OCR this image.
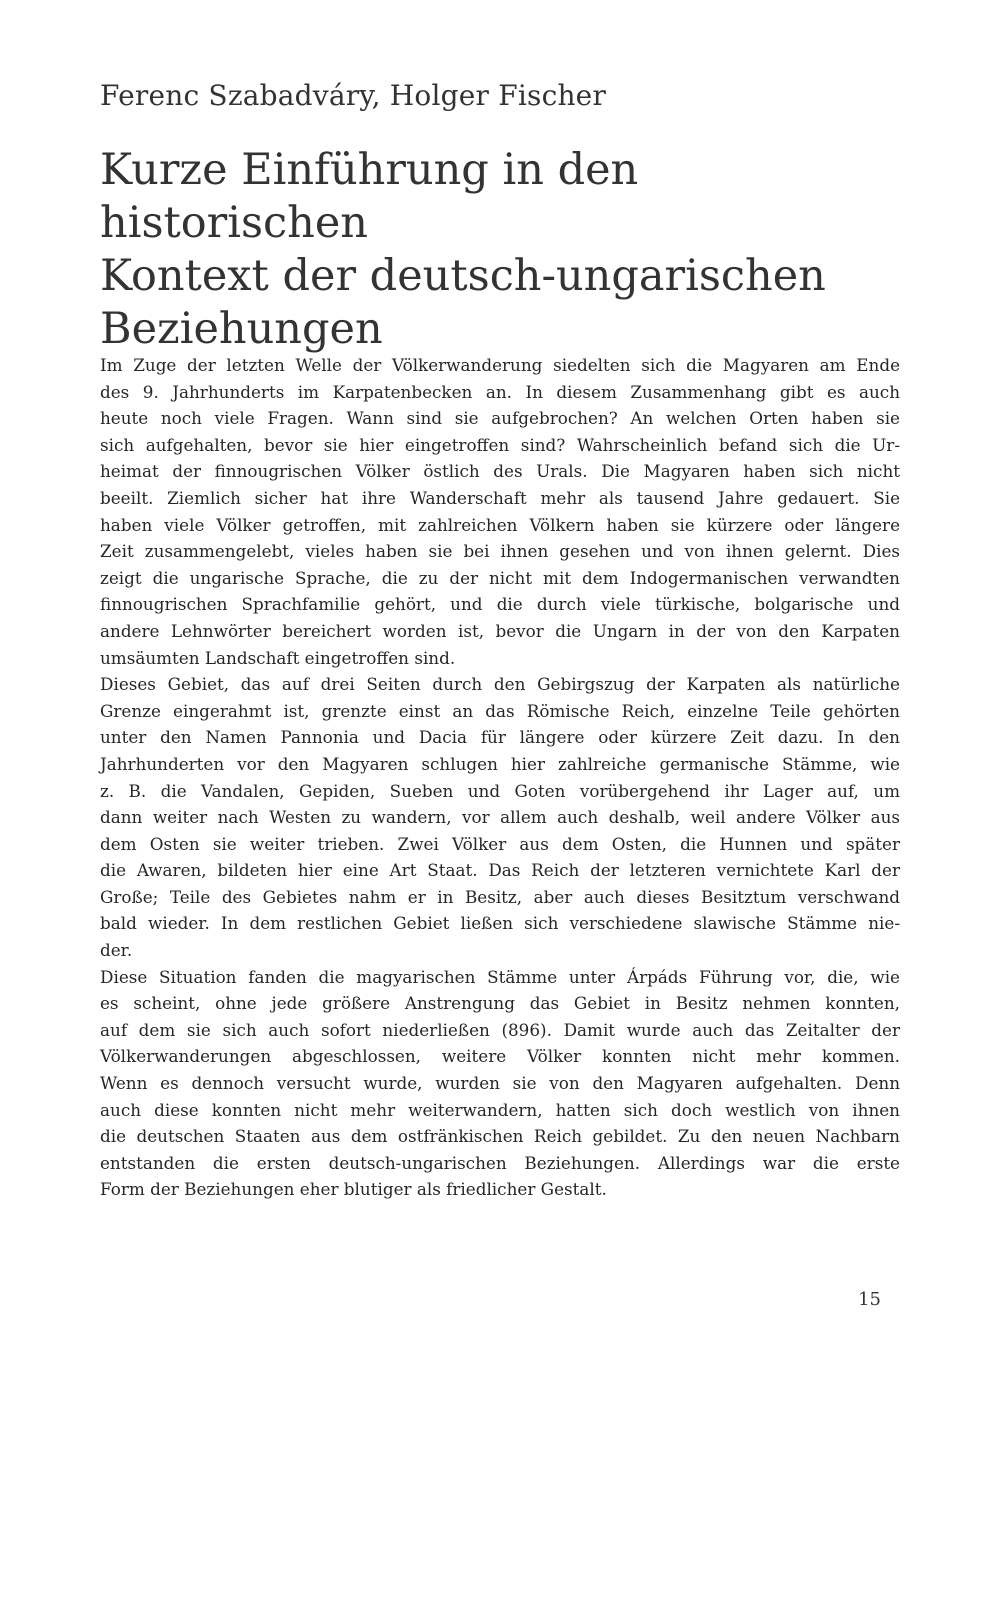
Ferenc Szabadváry, Holger Fischer
Kurze Einführung in den historischen
Kontext der deutsch-ungarischen
Beziehungen
Im Zuge der letzten Welle der Völkerwanderung siedelten sich die Magyaren am Ende
des 9. Jahrhunderts im Karpatenbecken an. In diesem Zusammenhang gibt es auch
heute noch viele Fragen. Wann sind sie aufgebrochen? An welchen Orten haben sie
sich aufgehalten, bevor sie hier eingetroffen sind? Wahrscheinlich befand sich die Ur-
heimat der finnougrischen Völker östlich des Urals. Die Magyaren haben sich nicht
beeilt. Ziemlich sicher hat ihre Wanderschaft mehr als tausend Jahre gedauert. Sie
haben viele Völker getroffen, mit zahlreichen Völkern haben sie kürzere oder längere
Zeit zusammengelebt, vieles haben sie bei ihnen gesehen und von ihnen gelernt. Dies
zeigt die ungarische Sprache, die zu der nicht mit dem Indogermanischen verwandten
finnougrischen Sprachfamilie gehört, und die durch viele türkische, bolgarische und
andere Lehnwörter bereichert worden ist, bevor die Ungarn in der von den Karpaten
umsäumten Landschaft eingetroffen sind.
Dieses Gebiet, das auf drei Seiten durch den Gebirgszug der Karpaten als natürliche
Grenze eingerahmt ist, grenzte einst an das Römische Reich, einzelne Teile gehörten
unter den Namen Pannonia und Dacia für längere oder kürzere Zeit dazu. In den
Jahrhunderten vor den Magyaren schlugen hier zahlreiche germanische Stämme, wie
z. B. die Vandalen, Gepiden, Sueben und Goten vorübergehend ihr Lager auf, um
dann weiter nach Westen zu wandern, vor allem auch deshalb, weil andere Völker aus
dem Osten sie weiter trieben. Zwei Völker aus dem Osten, die Hunnen und später
die Awaren, bildeten hier eine Art Staat. Das Reich der letzteren vernichtete Karl der
Große; Teile des Gebietes nahm er in Besitz, aber auch dieses Besitztum verschwand
bald wieder. In dem restlichen Gebiet ließen sich verschiedene slawische Stämme nie-
der.
Diese Situation fanden die magyarischen Stämme unter Árpáds Führung vor, die, wie
es scheint, ohne jede größere Anstrengung das Gebiet in Besitz nehmen konnten,
auf dem sie sich auch sofort niederließen (896). Damit wurde auch das Zeitalter der
Völkerwanderungen abgeschlossen, weitere Völker konnten nicht mehr kommen.
Wenn es dennoch versucht wurde, wurden sie von den Magyaren aufgehalten. Denn
auch diese konnten nicht mehr weiterwandern, hatten sich doch westlich von ihnen
die deutschen Staaten aus dem ostfränkischen Reich gebildet. Zu den neuen Nachbarn
entstanden die ersten deutsch-ungarischen Beziehungen. Allerdings war die erste
Form der Beziehungen eher blutiger als friedlicher Gestalt.
15
